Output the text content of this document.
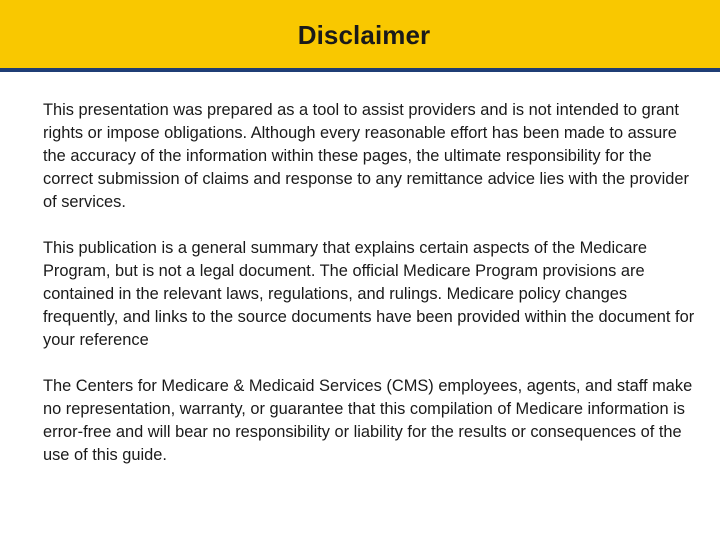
Disclaimer

This presentation was prepared as a tool to assist providers and is not intended to grant rights or impose obligations. Although every reasonable effort has been made to assure the accuracy of the information within these pages, the ultimate responsibility for the correct submission of claims and response to any remittance advice lies with the provider of services.

This publication is a general summary that explains certain aspects of the Medicare Program, but is not a legal document. The official Medicare Program provisions are contained in the relevant laws, regulations, and rulings. Medicare policy changes frequently, and links to the source documents have been provided within the document for your reference

The Centers for Medicare & Medicaid Services (CMS) employees, agents, and staff make no representation, warranty, or guarantee that this compilation of Medicare information is error-free and will bear no responsibility or liability for the results or consequences of the use of this guide.
